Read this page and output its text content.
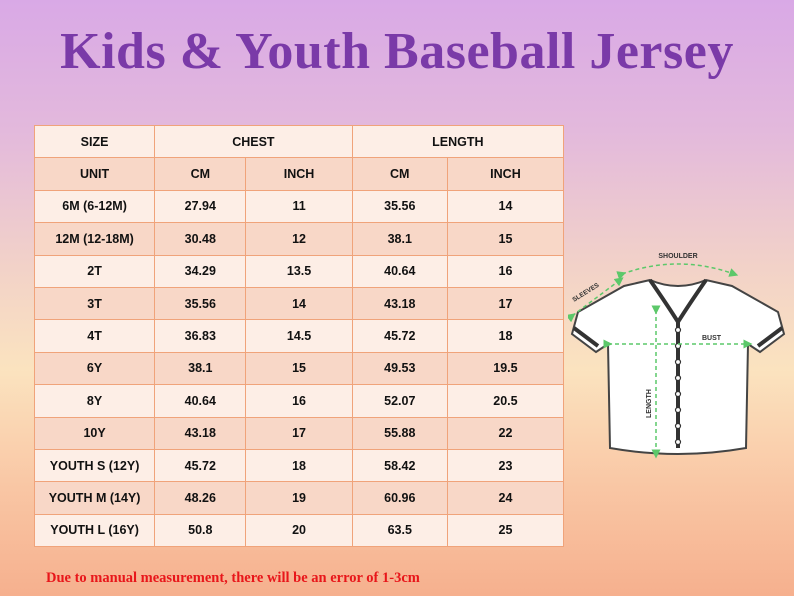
Kids & Youth Baseball Jersey
SIZE	CHEST		LENGTH	
UNIT	CM	INCH	CM	INCH
6M (6-12M)	27.94	11	35.56	14
12M (12-18M)	30.48	12	38.1	15
2T	34.29	13.5	40.64	16
3T	35.56	14	43.18	17
4T	36.83	14.5	45.72	18
6Y	38.1	15	49.53	19.5
8Y	40.64	16	52.07	20.5
10Y	43.18	17	55.88	22
YOUTH S (12Y)	45.72	18	58.42	23
YOUTH M (14Y)	48.26	19	60.96	24
YOUTH L (16Y)	50.8	20	63.5	25
SHOULDER
SLEEVES
BUST
LENGTH
Due to manual measurement, there will be an error of 1-3cm
